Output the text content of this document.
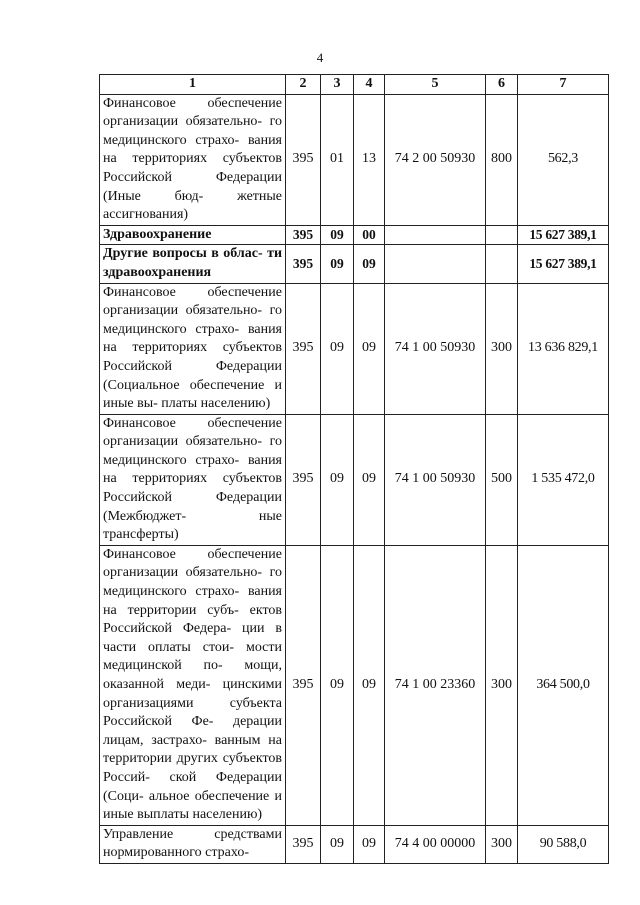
4
1	2	3	4	5	6	7
Финансовое обеспечение организации обязательно- го медицинского страхо- вания на территориях субъектов Российской Федерации (Иные бюд- жетные ассигнования)	395	01	13	74 2 00 50930	800	562,3
Здравоохранение	395	09	00			15 627 389,1
Другие вопросы в облас- ти здравоохранения	395	09	09			15 627 389,1
Финансовое обеспечение организации обязательно- го медицинского страхо- вания на территориях субъектов Российской Федерации (Социальное обеспечение и иные вы- платы населению)	395	09	09	74 1 00 50930	300	13 636 829,1
Финансовое обеспечение организации обязательно- го медицинского страхо- вания на территориях субъектов Российской Федерации (Межбюджет- ные трансферты)	395	09	09	74 1 00 50930	500	1 535 472,0
Финансовое обеспечение организации обязательно- го медицинского страхо- вания на территории субъ- ектов Российской Федера- ции в части оплаты стои- мости медицинской по- мощи, оказанной меди- цинскими организациями субъекта Российской Фе- дерации лицам, застрахо- ванным на территории других субъектов Россий- ской Федерации (Соци- альное обеспечение и иные выплаты населению)	395	09	09	74 1 00 23360	300	364 500,0
Управление средствами нормированного страхо-	395	09	09	74 4 00 00000	300	90 588,0
